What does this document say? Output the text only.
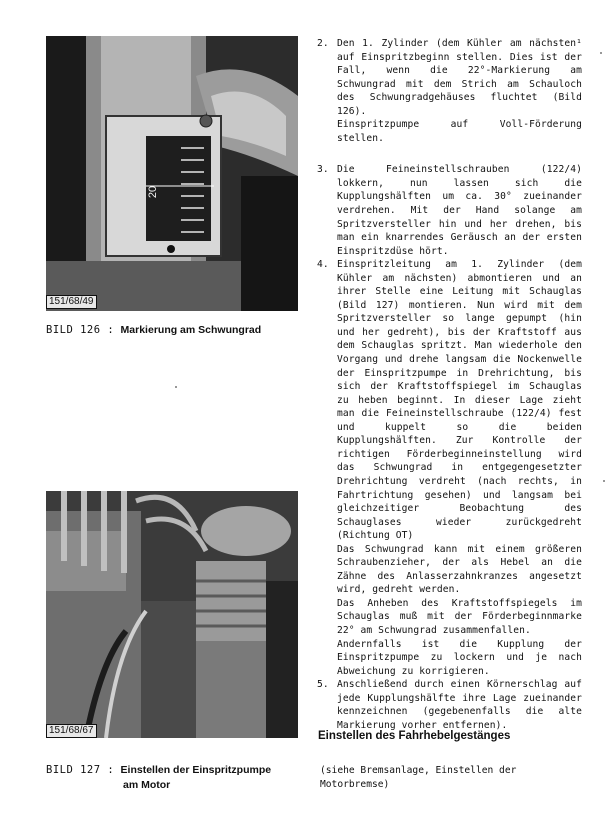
20
151/68/49
BILD 126 : Markierung am Schwungrad
151/68/67
BILD 127 : Einstellen der Einspritzpumpe
am Motor
2. Den 1. Zylinder (dem Kühler am nächsten¹ auf Einspritzbeginn stellen. Dies ist der Fall, wenn die 22°-Markierung am Schwungrad mit dem Strich am Schauloch des Schwungradgehäuses fluchtet (Bild 126).

Einspritzpumpe auf Voll-Förderung stellen.

3. Die Feineinstellschrauben (122/4) lokkern, nun lassen sich die Kupplungshälften um ca. 30° zueinander verdrehen. Mit der Hand solange am Spritzversteller hin und her drehen, bis man ein knarrendes Geräusch an der ersten Einspritzdüse hört.

4. Einspritzleitung am 1. Zylinder (dem Kühler am nächsten) abmontieren und an ihrer Stelle eine Leitung mit Schauglas (Bild 127) montieren. Nun wird mit dem Spritzversteller so lange gepumpt (hin und her gedreht), bis der Kraftstoff aus dem Schauglas spritzt. Man wiederhole den Vorgang und drehe langsam die Nockenwelle der Einspritzpumpe in Drehrichtung, bis sich der Kraftstoffspiegel im Schauglas zu heben beginnt. In dieser Lage zieht man die Feineinstellschraube (122/4) fest und kuppelt so die beiden Kupplungshälften. Zur Kontrolle der richtigen Förderbeginneinstellung wird das Schwungrad in entgegengesetzter Drehrichtung verdreht (nach rechts, in Fahrtrichtung gesehen) und langsam bei gleichzeitiger Beobachtung des Schauglases wieder zurückgedreht (Richtung OT)

Das Schwungrad kann mit einem größeren Schraubenzieher, der als Hebel an die Zähne des Anlasserzahnkranzes angesetzt wird, gedreht werden.

Das Anheben des Kraftstoffspiegels im Schauglas muß mit der Förderbeginnmarke 22° am Schwungrad zusammenfallen.

Andernfalls ist die Kupplung der Einspritzpumpe zu lockern und je nach Abweichung zu korrigieren.

5. Anschließend durch einen Körnerschlag auf jede Kupplungshälfte ihre Lage zueinander kennzeichnen (gegebenenfalls die alte Markierung vorher entfernen).

Einstellen des Fahrhebelgestänges
(siehe Bremsanlage, Einstellen der Motorbremse)
